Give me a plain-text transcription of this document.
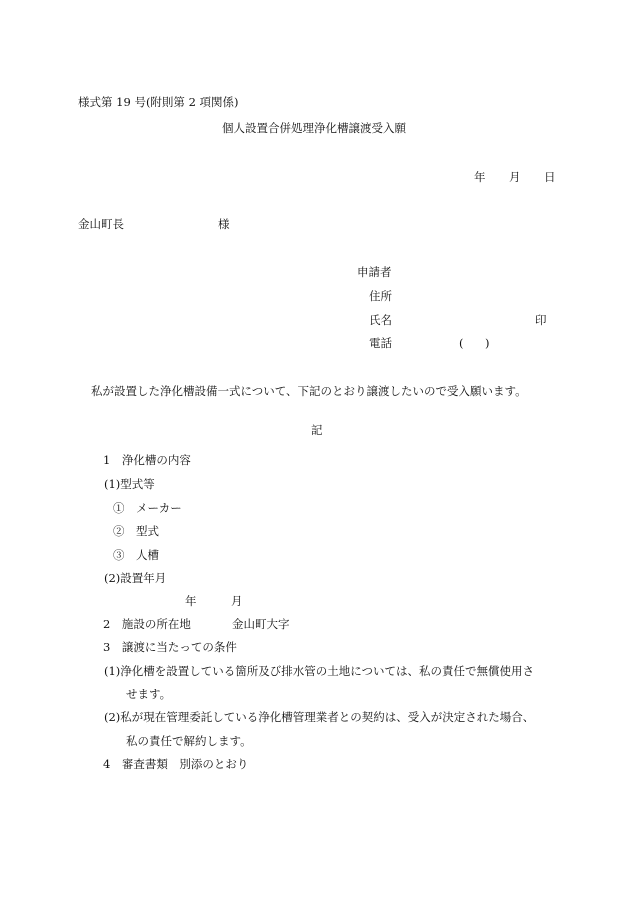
様式第 19 号(附則第 2 項関係)
個人設置合併処理浄化槽譲渡受入願
年 月 日
金山町長	様
申請者
住所
氏名	印
電話	( )
私が設置した浄化槽設備一式について、下記のとおり譲渡したいので受入願います。
記
1　浄化槽の内容
(1)型式等
①　メーカー
②　型式
③　人槽
(2)設置年月
年	月
2　施設の所在地	金山町大字
3　譲渡に当たっての条件
(1)浄化槽を設置している箇所及び排水管の土地については、私の責任で無償使用さ
せます。
(2)私が現在管理委託している浄化槽管理業者との契約は、受入が決定された場合、
私の責任で解約します。
4　審査書類　別添のとおり
